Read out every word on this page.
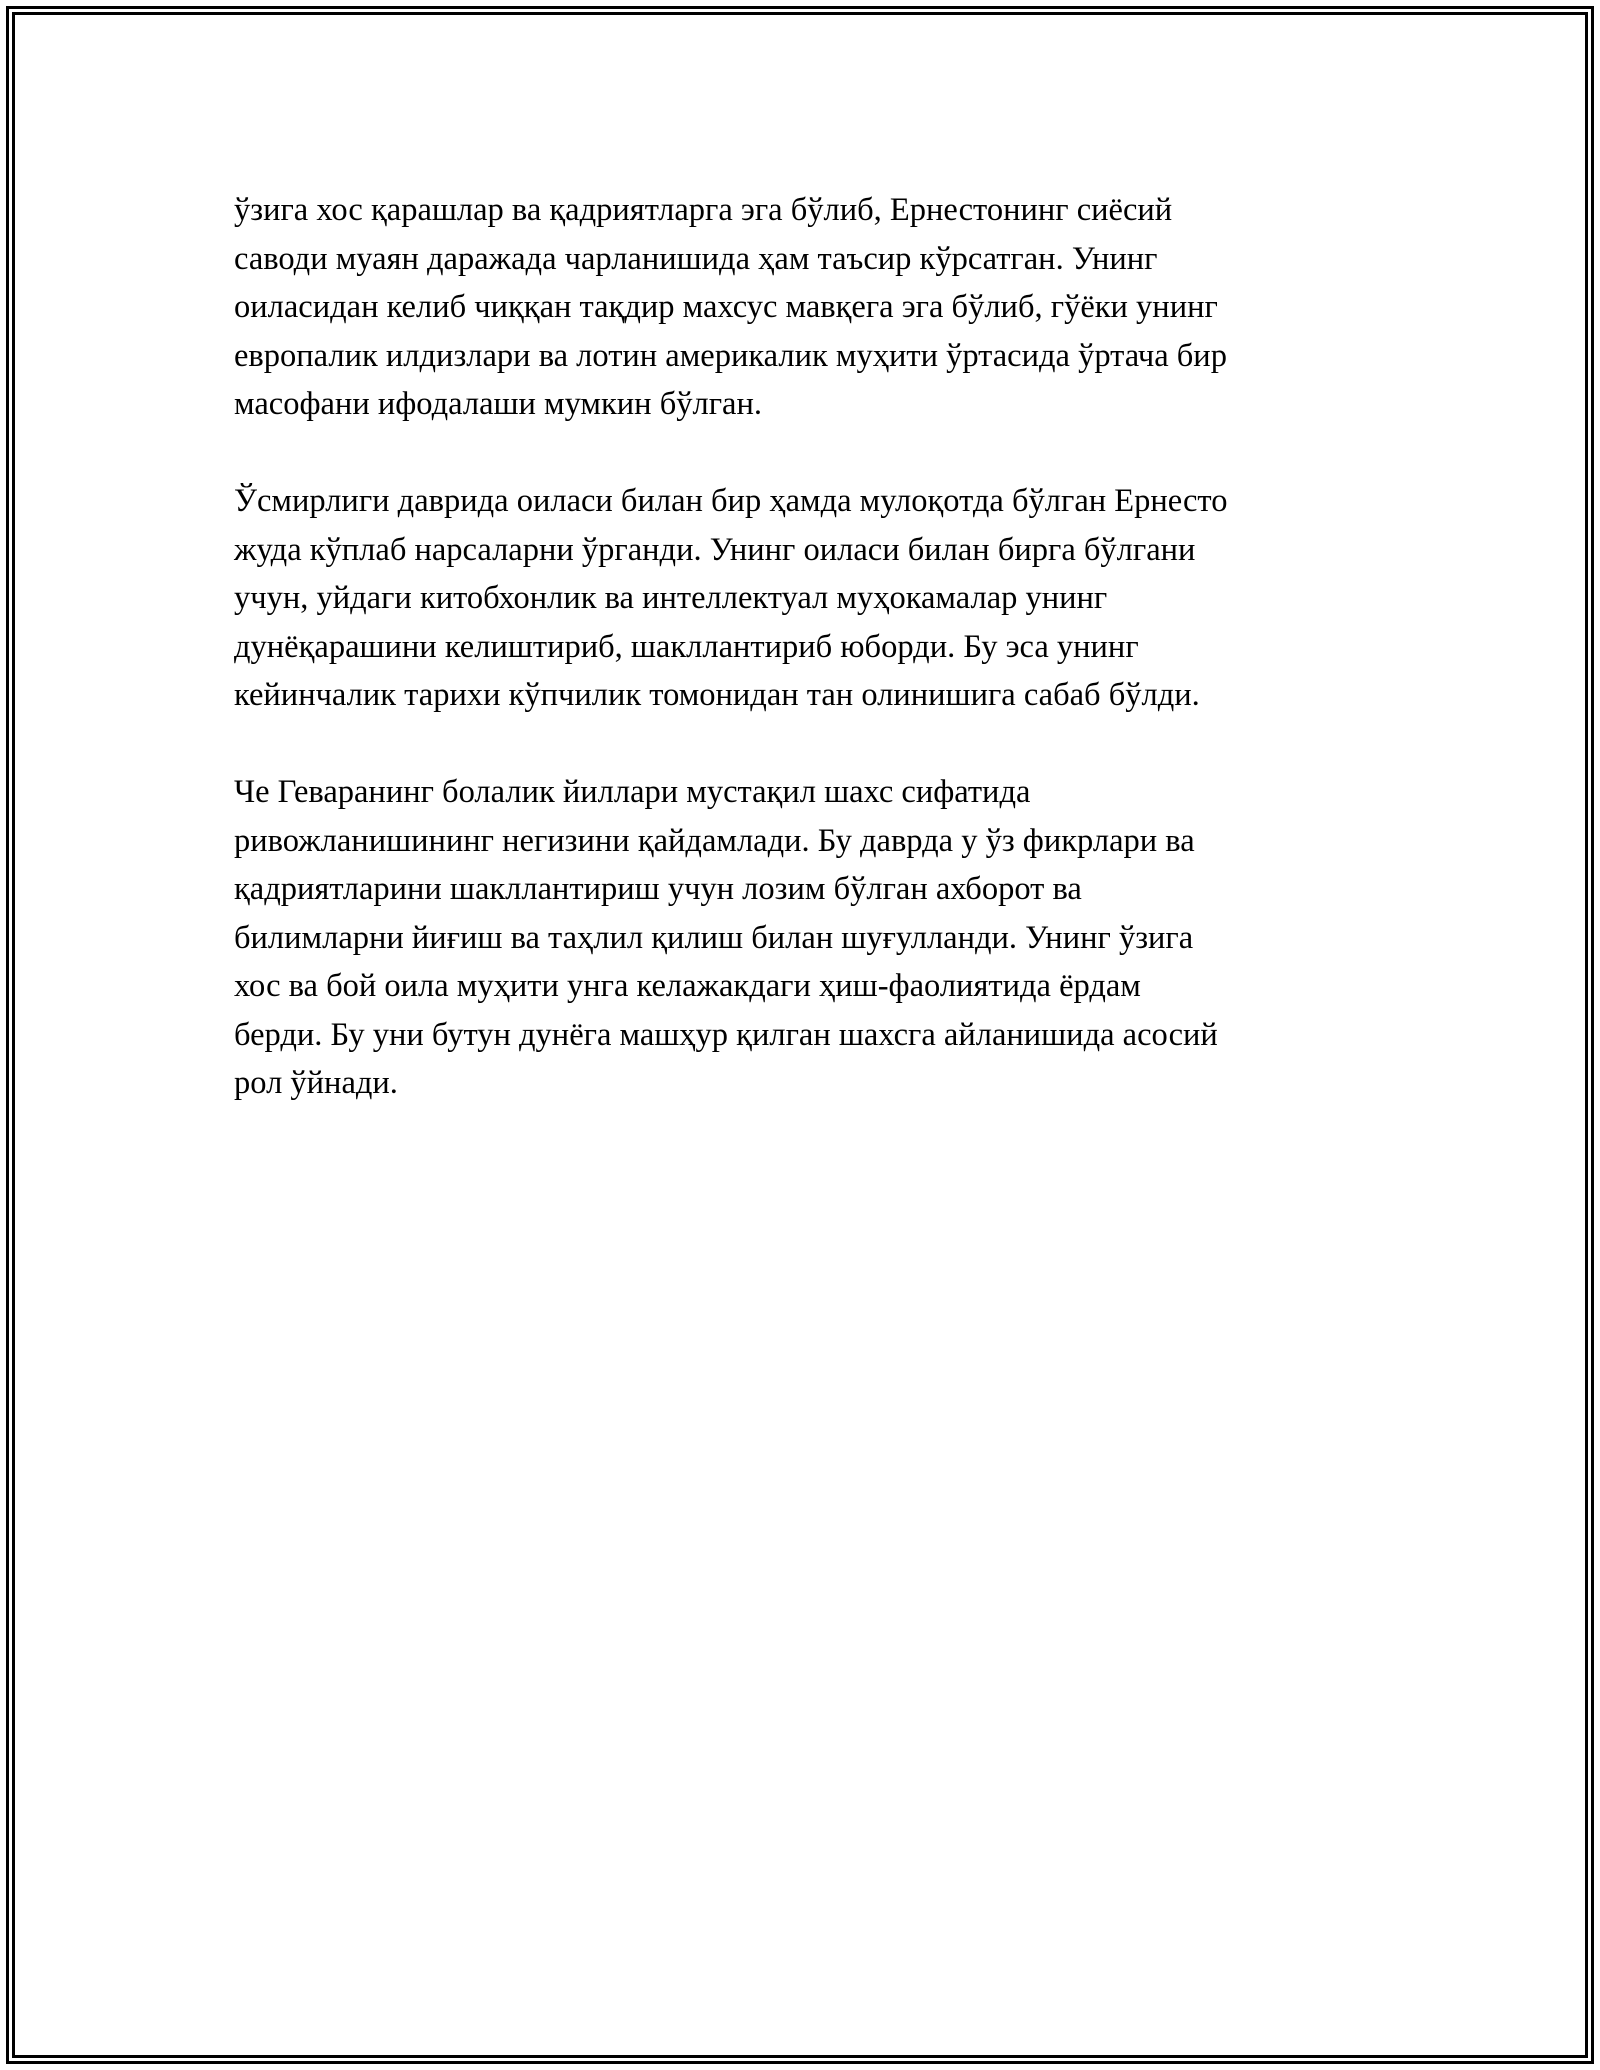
ўзига хос қарашлар ва қадриятларга эга бўлиб, Ернестонинг сиёсий
саводи муаян даражада чарланишида ҳам таъсир кўрсатган. Унинг
оиласидан келиб чиққан тақдир махсус мавқега эга бўлиб, гўёки унинг
европалик илдизлари ва лотин америкалик муҳити ўртасида ўртача бир
масофани ифодалаши мумкин бўлган.

Ўсмирлиги даврида оиласи билан бир ҳамда мулоқотда бўлган Ернесто
жуда кўплаб нарсаларни ўрганди. Унинг оиласи билан бирга бўлгани
учун, уйдаги китобхонлик ва интеллектуал муҳокамалар унинг
дунёқарашини келиштириб, шакллантириб юборди. Бу эса унинг
кейинчалик тарихи кўпчилик томонидан тан олинишига сабаб бўлди.

Че Геваранинг болалик йиллари мустақил шахс сифатида
ривожланишининг негизини қайдамлади. Бу даврда у ўз фикрлари ва
қадриятларини шакллантириш учун лозим бўлган ахборот ва
билимларни йиғиш ва таҳлил қилиш билан шуғулланди. Унинг ўзига
хос ва бой оила муҳити унга келажакдаги ҳиш-фаолиятида ёрдам
берди. Бу уни бутун дунёга машҳур қилган шахсга айланишида асосий
рол ўйнади.
